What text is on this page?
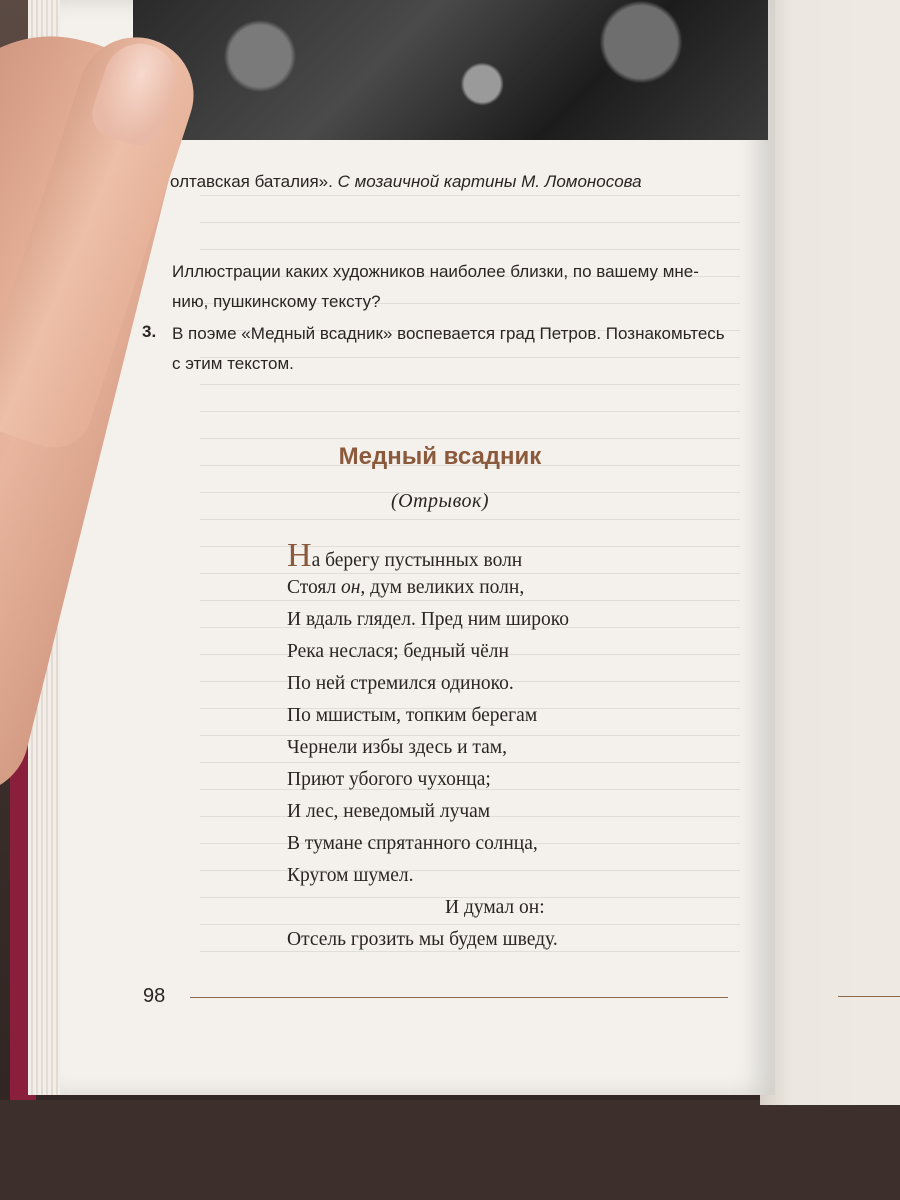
олтавская баталия». С мозаичной картины М. Ломоносова
Иллюстрации каких художников наиболее близки, по вашему мне-
нию, пушкинскому тексту?
3. В поэме «Медный всадник» воспевается град Петров. Познакомьтесь
с этим текстом.
Медный всадник
(Отрывок)
На берегу пустынных волн
Стоял он, дум великих полн,
И вдаль глядел. Пред ним широко
Река неслася; бедный чёлн
По ней стремился одиноко.
По мшистым, топким берегам
Чернели избы здесь и там,
Приют убогого чухонца;
И лес, неведомый лучам
В тумане спрятанного солнца,
Кругом шумел.
И думал он:
Отсель грозить мы будем шведу.
98
